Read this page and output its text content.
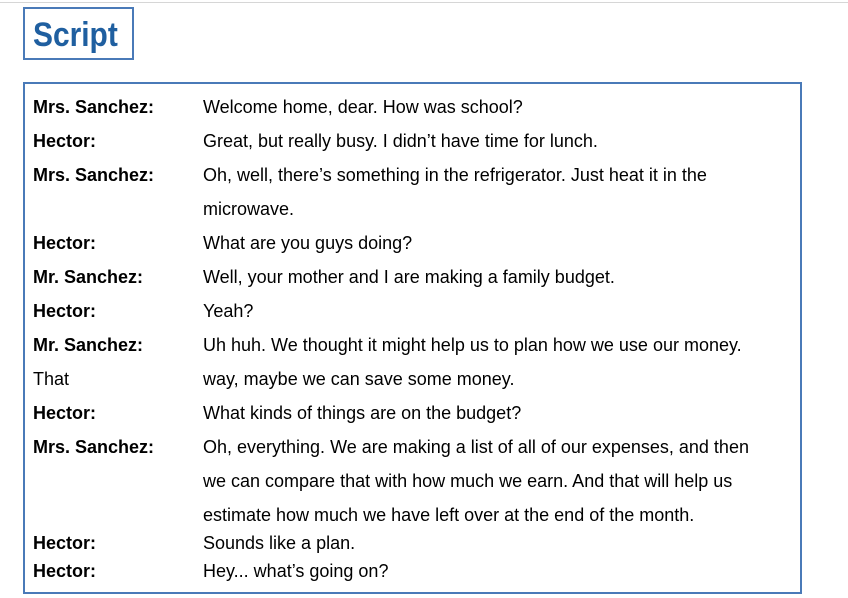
Script
Mrs. Sanchez:	Welcome home, dear. How was school?
Hector:	Great, but really busy. I didn’t have time for lunch.
Mrs. Sanchez:	Oh, well, there’s something in the refrigerator. Just heat it in the
microwave.
Hector:	What are you guys doing?
Mr. Sanchez:	Well, your mother and I are making a family budget.
Hector:	Yeah?
Mr. Sanchez:	Uh huh. We thought it might help us to plan how we use our money.
That	way, maybe we can save some money.
Hector:	What kinds of things are on the budget?
Mrs. Sanchez:	Oh, everything. We are making a list of all of our expenses, and then
we can compare that with how much we earn. And that will help us
estimate how much we have left over at the end of the month.
Hector:	Sounds like a plan.
Hector:	Hey... what’s going on?
